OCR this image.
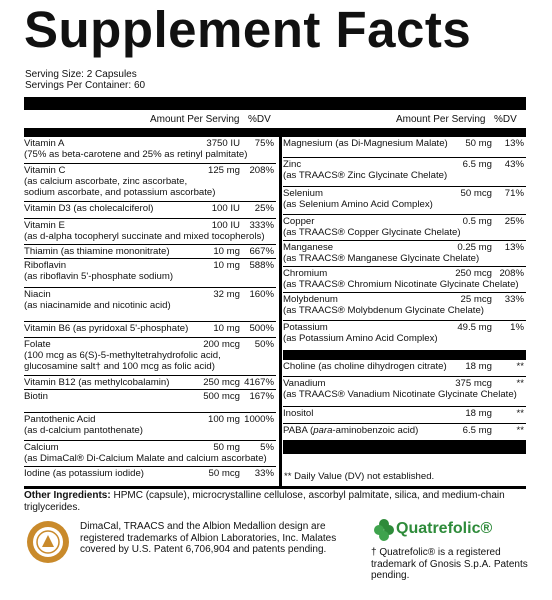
Supplement Facts
Serving Size: 2 Capsules
Servings Per Container: 60
Amount Per Serving %DV	Amount Per Serving %DV
Vitamin A	3750 IU 75%
(75% as beta-carotene and 25% as retinyl palmitate)
Vitamin C	125 mg 208%
(as calcium ascorbate, zinc ascorbate,
sodium ascorbate, and potassium ascorbate)
Vitamin D3 (as cholecalciferol)	100 IU 25%
Vitamin E	100 IU 333%
(as d-alpha tocopheryl succinate and mixed tocopherols)
Thiamin (as thiamine mononitrate)	10 mg 667%
Riboflavin	10 mg 588%
(as riboflavin 5'-phosphate sodium)
Niacin	32 mg 160%
(as niacinamide and nicotinic acid)
Vitamin B6 (as pyridoxal 5'-phosphate)	10 mg 500%
Folate	200 mcg 50%
(100 mcg as 6(S)-5-methyltetrahydrofolic acid,
glucosamine salt† and 100 mcg as folic acid)
Vitamin B12 (as methylcobalamin)	250 mcg 4167%
Biotin	500 mcg 167%
Pantothenic Acid	100 mg 1000%
(as d-calcium pantothenate)
Calcium	50 mg 5%
(as DimaCal® Di-Calcium Malate and calcium ascorbate)
Iodine (as potassium iodide)	50 mcg 33%
Magnesium (as Di-Magnesium Malate) 50 mg 13%
Zinc	6.5 mg 43%
(as TRAACS® Zinc Glycinate Chelate)
Selenium	50 mcg 71%
(as Selenium Amino Acid Complex)
Copper	0.5 mg 25%
(as TRAACS® Copper Glycinate Chelate)
Manganese	0.25 mg 13%
(as TRAACS® Manganese Glycinate Chelate)
Chromium	250 mcg 208%
(as TRAACS® Chromium Nicotinate Glycinate Chelate)
Molybdenum	25 mcg 33%
(as TRAACS® Molybdenum Glycinate Chelate)
Potassium	49.5 mg 1%
(as Potassium Amino Acid Complex)
Choline (as choline dihydrogen citrate) 18 mg	**
Vanadium	375 mcg	**
(as TRAACS® Vanadium Nicotinate Glycinate Chelate)
Inositol	18 mg	**
PABA (para-aminobenzoic acid)	6.5 mg	**
** Daily Value (DV) not established.
Other Ingredients: HPMC (capsule), microcrystalline cellulose, ascorbyl palmitate, silica, and medium-chain triglycerides.
DimaCal, TRAACS and the Albion Medallion design are registered trademarks of Albion Laboratories, Inc. Malates covered by U.S. Patent 6,706,904 and patents pending.
Quatrefolic®
† Quatrefolic® is a registered trademark of Gnosis S.p.A. Patents pending.
